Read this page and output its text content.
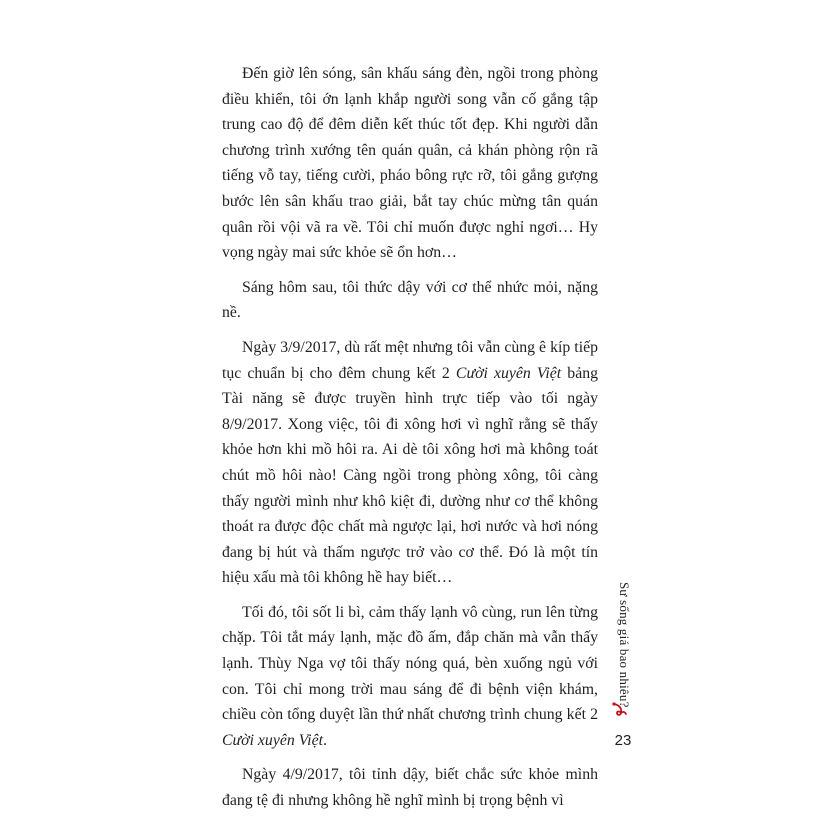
Đến giờ lên sóng, sân khấu sáng đèn, ngồi trong phòng điều khiển, tôi ớn lạnh khắp người song vẫn cố gắng tập trung cao độ để đêm diễn kết thúc tốt đẹp. Khi người dẫn chương trình xướng tên quán quân, cả khán phòng rộn rã tiếng vỗ tay, tiếng cười, pháo bông rực rỡ, tôi gắng gượng bước lên sân khấu trao giải, bắt tay chúc mừng tân quán quân rồi vội vã ra về. Tôi chỉ muốn được nghỉ ngơi… Hy vọng ngày mai sức khỏe sẽ ổn hơn…

Sáng hôm sau, tôi thức dậy với cơ thể nhức mỏi, nặng nề.

Ngày 3/9/2017, dù rất mệt nhưng tôi vẫn cùng ê kíp tiếp tục chuẩn bị cho đêm chung kết 2 Cười xuyên Việt bảng Tài năng sẽ được truyền hình trực tiếp vào tối ngày 8/9/2017. Xong việc, tôi đi xông hơi vì nghĩ rằng sẽ thấy khỏe hơn khi mồ hôi ra. Ai dè tôi xông hơi mà không toát chút mồ hôi nào! Càng ngồi trong phòng xông, tôi càng thấy người mình như khô kiệt đi, dường như cơ thể không thoát ra được độc chất mà ngược lại, hơi nước và hơi nóng đang bị hút và thấm ngược trở vào cơ thể. Đó là một tín hiệu xấu mà tôi không hề hay biết…

Tối đó, tôi sốt li bì, cảm thấy lạnh vô cùng, run lên từng chặp. Tôi tắt máy lạnh, mặc đồ ấm, đắp chăn mà vẫn thấy lạnh. Thùy Nga vợ tôi thấy nóng quá, bèn xuống ngủ với con. Tôi chỉ mong trời mau sáng để đi bệnh viện khám, chiều còn tổng duyệt lần thứ nhất chương trình chung kết 2 Cười xuyên Việt.

Ngày 4/9/2017, tôi tỉnh dậy, biết chắc sức khỏe mình đang tệ đi nhưng không hề nghĩ mình bị trọng bệnh vì

Sư sống giá bao nhiêu?
23
